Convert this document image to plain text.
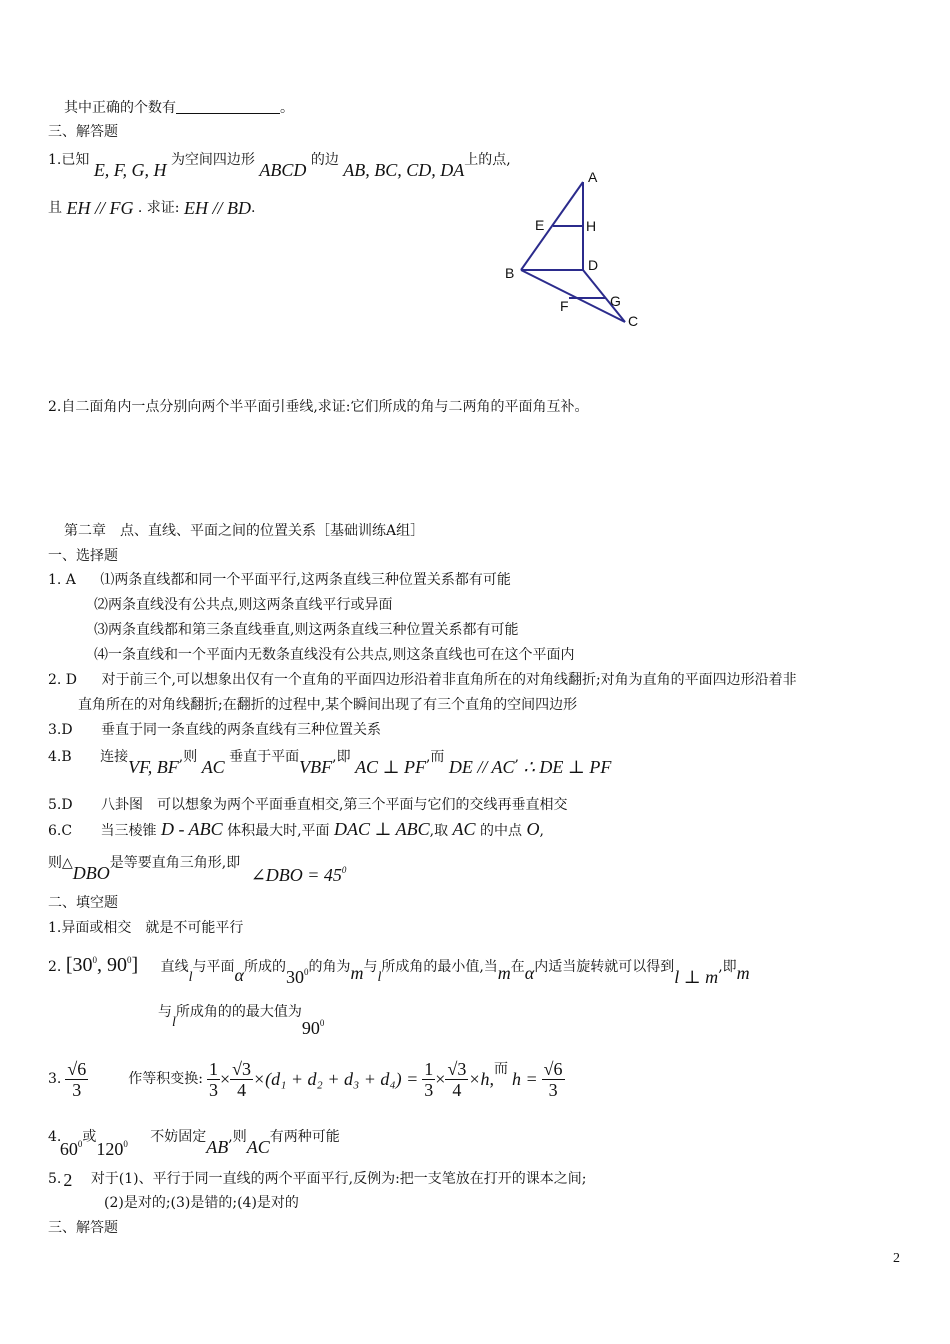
其中正确的个数有	。
三、解答题
1.已知 E, F, G, H 为空间四边形 ABCD 的边 AB, BC, CD, DA上的点,
且 EH // FG . 求证: EH // BD.
A
E	H
B	D
F	G
C
2.自二面角内一点分别向两个半平面引垂线,求证:它们所成的角与二两角的平面角互补。
第二章　点、直线、平面之间的位置关系［基础训练A组］
一、选择题
1. A ⑴两条直线都和同一个平面平行,这两条直线三种位置关系都有可能
⑵两条直线没有公共点,则这两条直线平行或异面
⑶两条直线都和第三条直线垂直,则这两条直线三种位置关系都有可能
⑷一条直线和一个平面内无数条直线没有公共点,则这条直线也可在这个平面内
2. D 对于前三个,可以想象出仅有一个直角的平面四边形沿着非直角所在的对角线翻折;对角为直角的平面四边形沿着非
直角所在的对角线翻折;在翻折的过程中,某个瞬间出现了有三个直角的空间四边形
3.D 垂直于同一条直线的两条直线有三种位置关系
4.B 连接VF, BF,则 AC 垂直于平面VBF,即 AC ⊥ PF,而 DE // AC, ∴ DE ⊥ PF
5.D 八卦图　可以想象为两个平面垂直相交,第三个平面与它们的交线再垂直相交
6.C 当三棱锥 D - ABC 体积最大时,平面 DAC ⊥ ABC,取 AC 的中点 O,
则△DBO是等要直角三角形,即 ∠DBO = $45^0$
二、填空题
1.异面或相交　就是不可能平行
2. [$30^0$, $90^0$] 直线l与平面α所成的$30^0$的角为m与l所成角的最小值,当m在α内适当旋转就可以得到l ⊥ m,即m
与l所成角的的最大值为$90^0$
3. $\frac{√6}{3}$	作等积变换: $\frac{1}{3} \times \frac{√3}{4} \times(d_1 + d_2 + d_3 + d_4) = \frac{1}{3} \times \frac{√3}{4} \times h$, 而 $h = \frac{√6}{3}$
4. $60^0$或$120^0$ 不妨固定AB,则AC有两种可能
5. 2 对于(1)、平行于同一直线的两个平面平行,反例为:把一支笔放在打开的课本之间;
(2)是对的;(3)是错的;(4)是对的
三、解答题
2
